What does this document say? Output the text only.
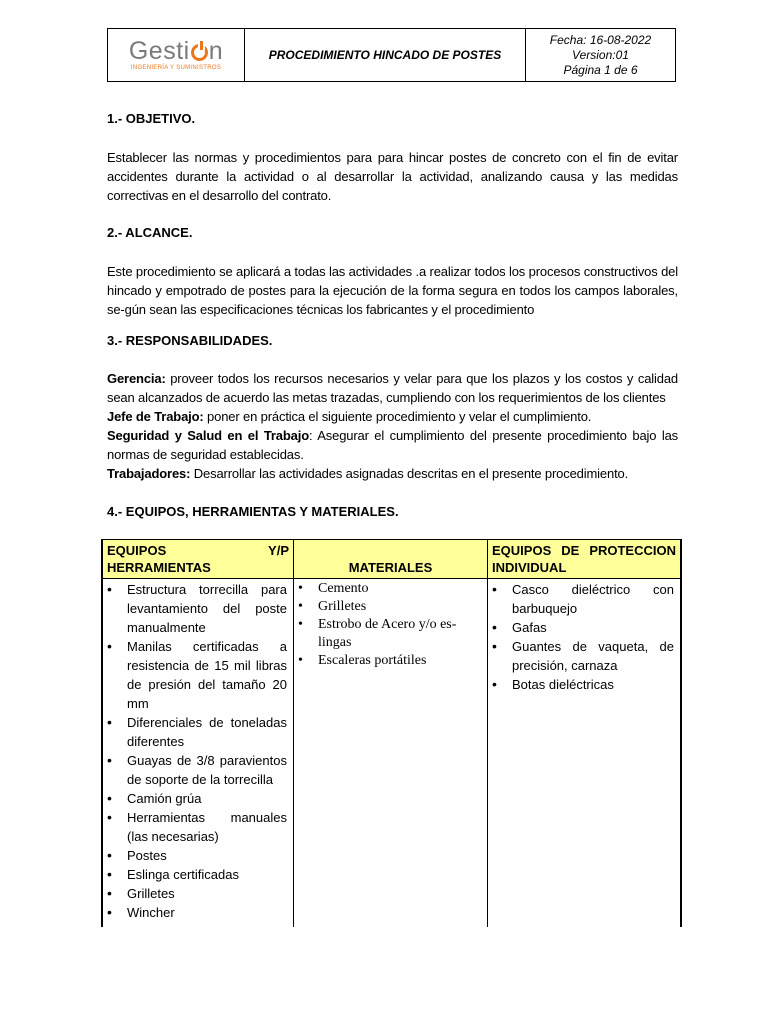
Gesti n
INGENIERÍA Y SUMINISTROS
PROCEDIMIENTO HINCADO DE POSTES
Fecha: 16-08-2022
Version:01
Página 1 de 6
1.- OBJETIVO.
Establecer las normas y procedimientos para para hincar postes de concreto con el fin de evitar accidentes durante la actividad o al desarrollar la actividad, analizando causa y las medidas correctivas en el desarrollo del contrato.
2.- ALCANCE.
Este procedimiento se aplicará a todas las actividades .a realizar todos los procesos constructivos del hincado y empotrado de postes para la ejecución de la forma segura en todos los campos laborales, se-gún sean las especificaciones técnicas los fabricantes y el procedimiento
3.- RESPONSABILIDADES.
Gerencia: proveer todos los recursos necesarios y velar para que los plazos y los costos y calidad sean alcanzados de acuerdo las metas trazadas, cumpliendo con los requerimientos de los clientes
Jefe de Trabajo: poner en práctica el siguiente procedimiento y velar el cumplimiento.
Seguridad y Salud en el Trabajo: Asegurar el cumplimiento del presente procedimiento bajo las normas de seguridad establecidas.
Trabajadores: Desarrollar las actividades asignadas descritas en el presente procedimiento.
4.- EQUIPOS, HERRAMIENTAS Y MATERIALES.
EQUIPOS	Y/P
HERRAMIENTAS	MATERIALES
EQUIPOS DE PROTECCION INDIVIDUAL
• Estructura torrecilla para levantamiento del poste manualmente
• Manilas certificadas a resistencia de 15 mil libras de presión del tamaño 20 mm
• Diferenciales de toneladas diferentes
• Guayas de 3/8 paravientos de soporte de la torrecilla
• Camión grúa
• Herramientas manuales (las necesarias)
• Postes
• Eslinga certificadas
• Grilletes
• Wincher
• Cemento
• Grilletes
• Estrobo de Acero y/o es-lingas
• Escaleras portátiles
• Casco dieléctrico con barbuquejo
• Gafas
• Guantes de vaqueta, de precisión, carnaza
• Botas dieléctricas
